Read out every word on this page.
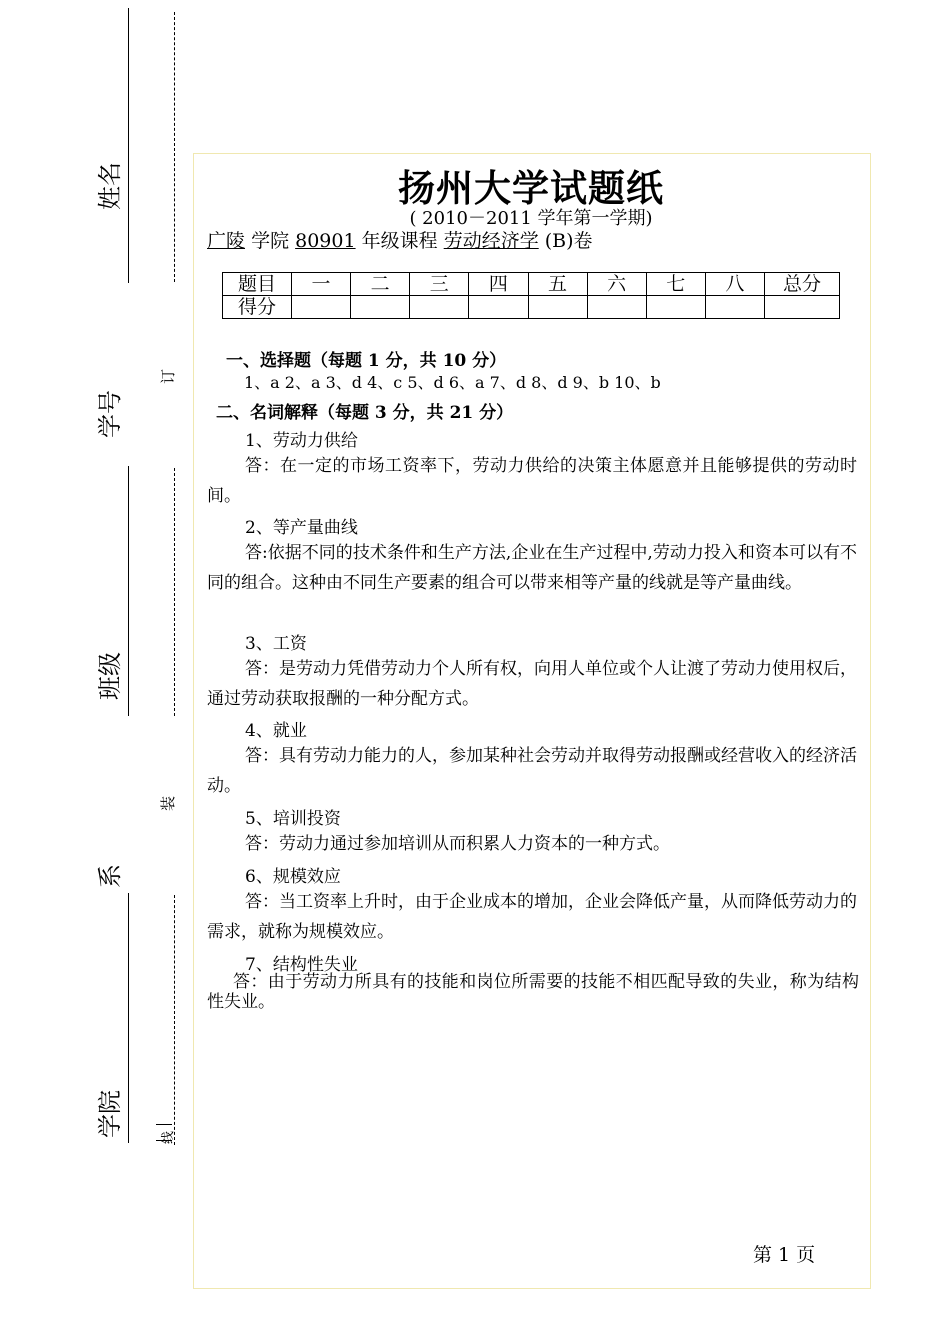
姓名
学号
班级
系
学院
订
装
线
扬州大学试题纸
( 2010－2011 学年第一学期)
广陵 学院 80901 年级课程 劳动经济学 (B)卷
题目	一	二	三	四	五	六	七	八	总分
得分									
一、选择题（每题 1 分，共 10 分）
1、a 2、a 3、d 4、c 5、d 6、a 7、d 8、d 9、b 10、b
二、名词解释（每题 3 分，共 21 分）
1、劳动力供给
答：在一定的市场工资率下，劳动力供给的决策主体愿意并且能够提供的劳动时间。
2、等产量曲线
答:依据不同的技术条件和生产方法,企业在生产过程中,劳动力投入和资本可以有不同的组合。这种由不同生产要素的组合可以带来相等产量的线就是等产量曲线。
3、工资
答：是劳动力凭借劳动力个人所有权，向用人单位或个人让渡了劳动力使用权后，通过劳动获取报酬的一种分配方式。
4、就业
答：具有劳动力能力的人，参加某种社会劳动并取得劳动报酬或经营收入的经济活动。
5、培训投资
答：劳动力通过参加培训从而积累人力资本的一种方式。
6、规模效应
答：当工资率上升时，由于企业成本的增加，企业会降低产量，从而降低劳动力的需求，就称为规模效应。
7、结构性失业
答：由于劳动力所具有的技能和岗位所需要的技能不相匹配导致的失业，称为结构性失业。
第 1 页
